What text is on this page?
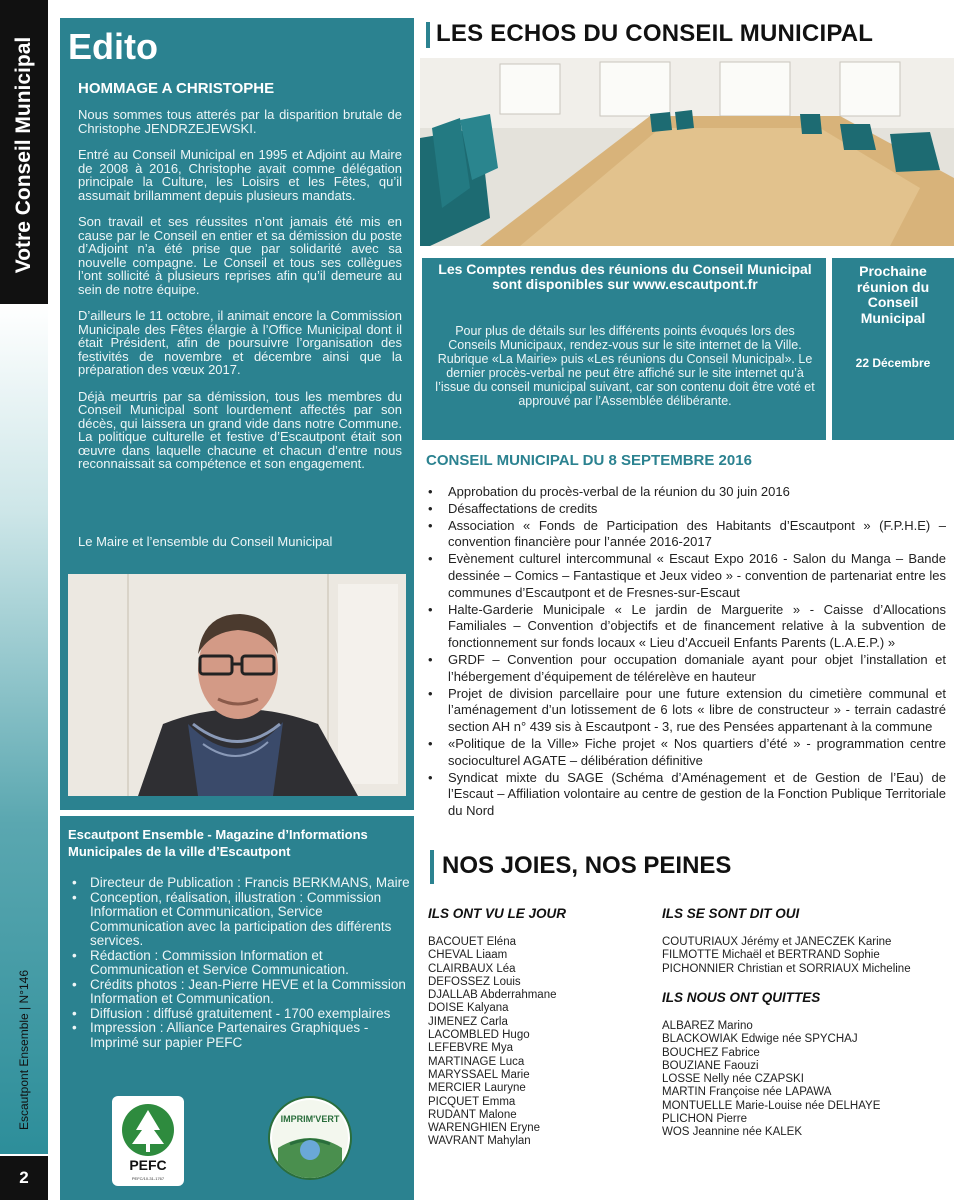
Votre Conseil Municipal
Escautpont Ensemble | N°146
2
Edito
HOMMAGE A CHRISTOPHE

Nous sommes tous atterés par la disparition brutale de Christophe JENDRZEJEWSKI.

Entré au Conseil Municipal en 1995 et Adjoint au Maire de 2008 à 2016, Christophe avait comme délégation principale la Culture, les Loisirs et les Fêtes, qu’il assumait brillamment depuis plusieurs mandats.

Son travail et ses réussites n’ont jamais été mis en cause par le Conseil en entier et sa démission du poste d’Adjoint n’a été prise que par solidarité avec sa nouvelle compagne. Le Conseil et tous ses collègues l’ont sollicité à plusieurs reprises afin qu’il demeure au sein de notre équipe.

D’ailleurs le 11 octobre, il animait encore la Commission Municipale des Fêtes élargie à l’Office Municipal dont il était Président, afin de poursuivre l’organisation des festivités de novembre et décembre ainsi que la préparation des vœux 2017.

Déjà meurtris par sa démission, tous les membres du Conseil Municipal sont lourdement affectés par son décès, qui laissera un grand vide dans notre Commune. La politique culturelle et festive d’Escautpont était son œuvre dans laquelle chacune et chacun d’entre nous reconnaissait sa compétence et son engagement.

Le Maire et l’ensemble du Conseil Municipal
Escautpont Ensemble - Magazine d’Informations Municipales de la ville d’Escautpont
• Directeur de Publication : Francis BERKMANS, Maire
• Conception, réalisation, illustration : Commission Information et Communication, Service Communication avec la participation des différents services.
• Rédaction : Commission Information et Communication et Service Communication.
• Crédits photos : Jean-Pierre HEVE et la Commission Information et Communication.
• Diffusion : diffusé gratuitement - 1700 exemplaires
• Impression : Alliance Partenaires Graphiques - Imprimé sur papier PEFC
PEFC
PEFC/10-31-1767
IMPRIM'VERT
LES ECHOS DU CONSEIL MUNICIPAL
Les Comptes rendus des réunions du Conseil Municipal sont disponibles sur www.escautpont.fr
Pour plus de détails sur les différents points évoqués lors des Conseils Municipaux, rendez-vous sur le site internet de la Ville. Rubrique «La Mairie» puis «Les réunions du Conseil Municipal». Le dernier procès-verbal ne peut être affiché sur le site internet qu’à l’issue du conseil municipal suivant, car son contenu doit être voté et approuvé par l’Assemblée délibérante.
Prochaine réunion du Conseil Municipal
22 Décembre
CONSEIL MUNICIPAL DU 8 SEPTEMBRE 2016
• Approbation du procès-verbal de la réunion du 30 juin 2016
• Désaffectations de credits
• Association « Fonds de Participation des Habitants d’Escautpont » (F.P.H.E) – convention financière pour l’année 2016-2017
• Evènement culturel intercommunal « Escaut Expo 2016 - Salon du Manga – Bande dessinée – Comics – Fantastique et Jeux video » - convention de partenariat entre les communes d’Escautpont et de Fresnes-sur-Escaut
• Halte-Garderie Municipale « Le jardin de Marguerite » - Caisse d’Allocations Familiales – Convention d’objectifs et de financement relative à la subvention de fonctionnement sur fonds locaux « Lieu d’Accueil Enfants Parents (L.A.E.P.) »
• GRDF – Convention pour occupation domaniale ayant pour objet l’installation et l’hébergement d’équipement de télérelève en hauteur
• Projet de division parcellaire pour une future extension du cimetière communal et l’aménagement d’un lotissement de 6 lots « libre de constructeur » - terrain cadastré section AH n° 439 sis à Escautpont - 3, rue des Pensées appartenant à la commune
• «Politique de la Ville» Fiche projet « Nos quartiers d’été » - programmation centre socioculturel AGATE – délibération définitive
• Syndicat mixte du SAGE (Schéma d’Aménagement et de Gestion de l’Eau) de l’Escaut – Affiliation volontaire au centre de gestion de la Fonction Publique Territoriale du Nord
NOS JOIES, NOS PEINES
ILS ONT VU LE JOUR
BACOUET Eléna
CHEVAL Liaam
CLAIRBAUX Léa
DEFOSSEZ Louis
DJALLAB Abderrahmane
DOISE Kalyana
JIMENEZ Carla
LACOMBLED Hugo
LEFEBVRE Mya
MARTINAGE Luca
MARYSSAEL Marie
MERCIER Lauryne
PICQUET Emma
RUDANT Malone
WARENGHIEN Eryne
WAVRANT Mahylan
ILS SE SONT DIT OUI
COUTURIAUX Jérémy et JANECZEK Karine
FILMOTTE Michaël et BERTRAND Sophie
PICHONNIER Christian et SORRIAUX Micheline
ILS NOUS ONT QUITTES
ALBAREZ Marino
BLACKOWIAK Edwige née SPYCHAJ
BOUCHEZ Fabrice
BOUZIANE Faouzi
LOSSE Nelly née CZAPSKI
MARTIN Françoise née LAPAWA
MONTUELLE Marie-Louise née DELHAYE
PLICHON Pierre
WOS Jeannine née KALEK
